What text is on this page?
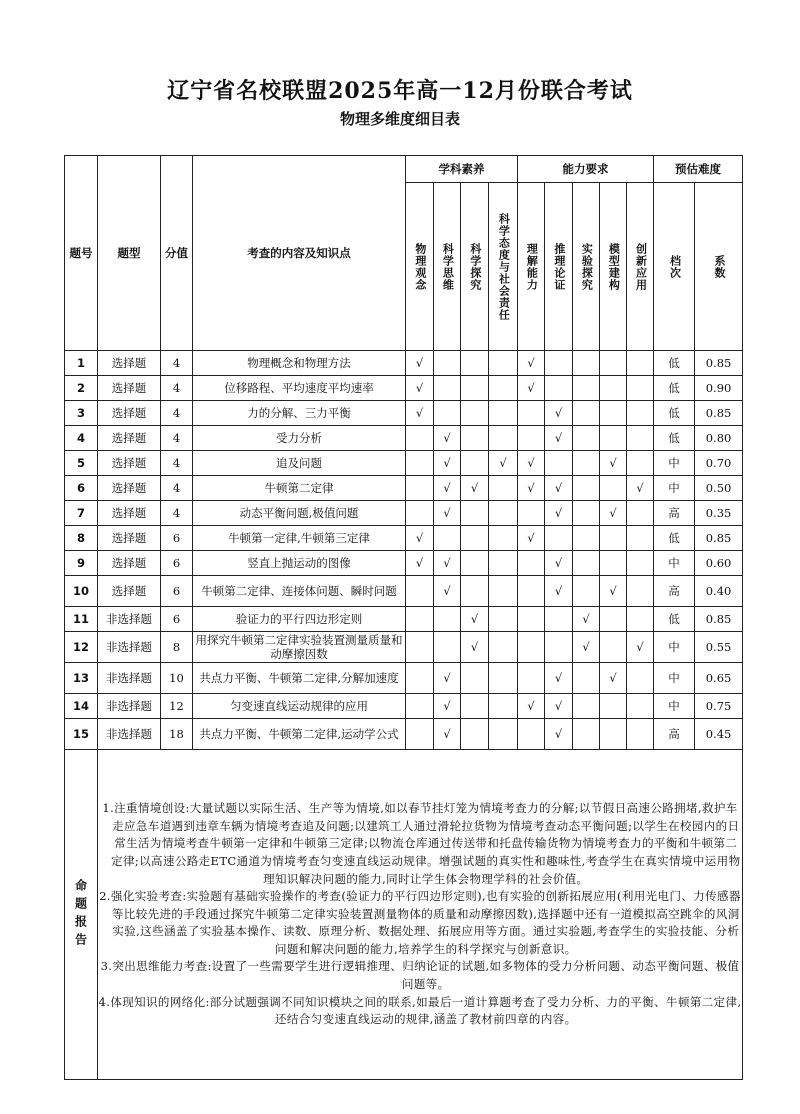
辽宁省名校联盟2025年高一12月份联合考试
物理多维度细目表
题号	题型	分值	考查的内容及知识点	学科素养				能力要求					预估难度	

				物理观念	科学思维	科学探究	科学态度与社会责任	理解能力	推理论证	实验探究	模型建构	创新应用	档次	系数

1	选择题	4	物理概念和物理方法	√				√					低	0.85
2	选择题	4	位移路程、平均速度平均速率	√				√					低	0.90
3	选择题	4	力的分解、三力平衡	√					√				低	0.85
4	选择题	4	受力分析		√				√				低	0.80
5	选择题	4	追及问题		√		√	√			√		中	0.70
6	选择题	4	牛顿第二定律		√	√		√	√			√	中	0.50
7	选择题	4	动态平衡问题,极值问题		√				√		√		高	0.35
8	选择题	6	牛顿第一定律,牛顿第三定律	√				√					低	0.85
9	选择题	6	竖直上抛运动的图像	√	√				√				中	0.60
10	选择题	6	牛顿第二定律、连接体问题、瞬时问题		√				√		√		高	0.40
11	非选择题	6	验证力的平行四边形定则			√				√			低	0.85
12	非选择题	8	用探究牛顿第二定律实验装置测量质量和动摩擦因数			√				√		√	中	0.55
13	非选择题	10	共点力平衡、牛顿第二定律,分解加速度		√				√		√		中	0.65
14	非选择题	12	匀变速直线运动规律的应用		√			√	√				中	0.75
15	非选择题	18	共点力平衡、牛顿第二定律,运动学公式		√				√				高	0.45

命题报告	1.注重情境创设:大量试题以实际生活、生产等为情境,如以春节挂灯笼为情境考查力的分解;以节假日高速公路拥堵,救护车走应急车道遇到违章车辆为情境考查追及问题;以建筑工人通过滑轮拉货物为情境考查动态平衡问题;以学生在校园内的日常生活为情境考查牛顿第一定律和牛顿第三定律;以物流仓库通过传送带和托盘传输货物为情境考查力的平衡和牛顿第二定律;以高速公路走ETC通道为情境考查匀变速直线运动规律。增强试题的真实性和趣味性,考查学生在真实情境中运用物理知识解决问题的能力,同时让学生体会物理学科的社会价值。

2.强化实验考查:实验题有基础实验操作的考查(验证力的平行四边形定则),也有实验的创新拓展应用(利用光电门、力传感器等比较先进的手段通过探究牛顿第二定律实验装置测量物体的质量和动摩擦因数),选择题中还有一道模拟高空跳伞的风洞实验,这些涵盖了实验基本操作、读数、原理分析、数据处理、拓展应用等方面。通过实验题,考查学生的实验技能、分析问题和解决问题的能力,培养学生的科学探究与创新意识。

3.突出思维能力考查:设置了一些需要学生进行逻辑推理、归纳论证的试题,如多物体的受力分析问题、动态平衡问题、极值问题等。

4.体现知识的网络化:部分试题强调不同知识模块之间的联系,如最后一道计算题考查了受力分析、力的平衡、牛顿第二定律,还结合匀变速直线运动的规律,涵盖了教材前四章的内容。													
